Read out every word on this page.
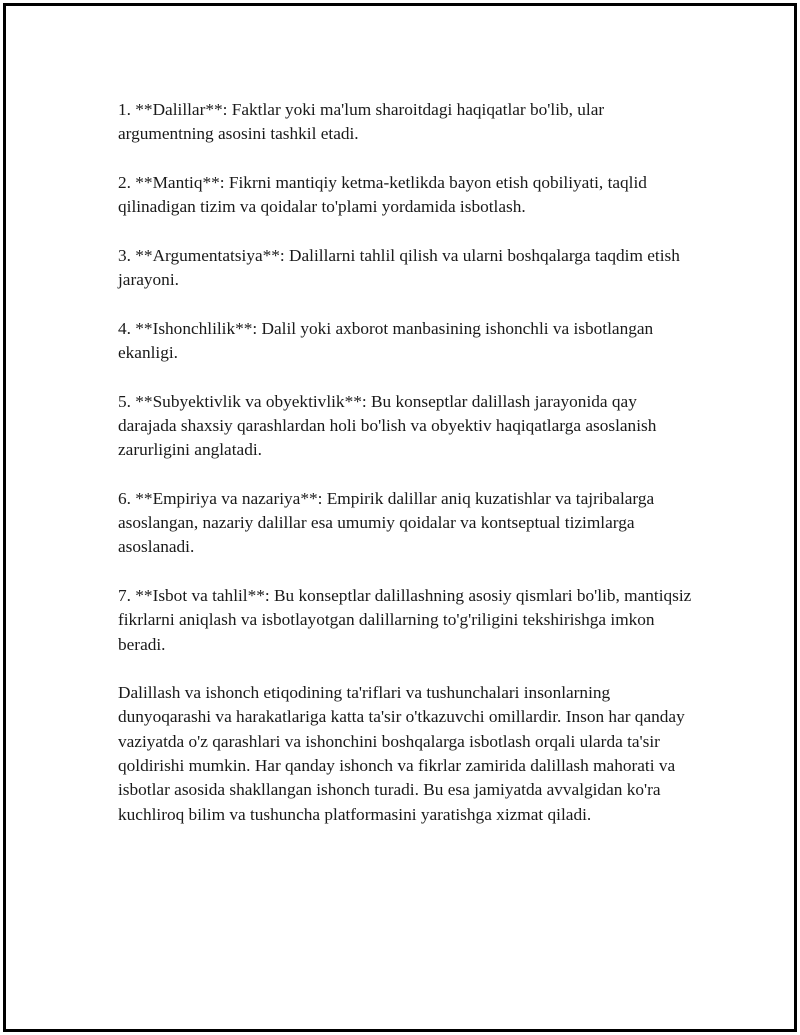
1. **Dalillar**: Faktlar yoki ma'lum sharoitdagi haqiqatlar bo'lib, ular argumentning asosini tashkil etadi.

2. **Mantiq**: Fikrni mantiqiy ketma-ketlikda bayon etish qobiliyati, taqlid qilinadigan tizim va qoidalar to'plami yordamida isbotlash.

3. **Argumentatsiya**: Dalillarni tahlil qilish va ularni boshqalarga taqdim etish jarayoni.

4. **Ishonchlilik**: Dalil yoki axborot manbasining ishonchli va isbotlangan ekanligi.

5. **Subyektivlik va obyektivlik**: Bu konseptlar dalillash jarayonida qay darajada shaxsiy qarashlardan holi bo'lish va obyektiv haqiqatlarga asoslanish zarurligini anglatadi.

6. **Empiriya va nazariya**: Empirik dalillar aniq kuzatishlar va tajribalarga asoslangan, nazariy dalillar esa umumiy qoidalar va kontseptual tizimlarga asoslanadi.

7. **Isbot va tahlil**: Bu konseptlar dalillashning asosiy qismlari bo'lib, mantiqsiz fikrlarni aniqlash va isbotlayotgan dalillarning to'g'riligini tekshirishga imkon beradi.

Dalillash va ishonch etiqodining ta'riflari va tushunchalari insonlarning dunyoqarashi va harakatlariga katta ta'sir o'tkazuvchi omillardir. Inson har qanday vaziyatda o'z qarashlari va ishonchini boshqalarga isbotlash orqali ularda ta'sir qoldirishi mumkin. Har qanday ishonch va fikrlar zamirida dalillash mahorati va isbotlar asosida shakllangan ishonch turadi. Bu esa jamiyatda avvalgidan ko'ra kuchliroq bilim va tushuncha platformasini yaratishga xizmat qiladi.
